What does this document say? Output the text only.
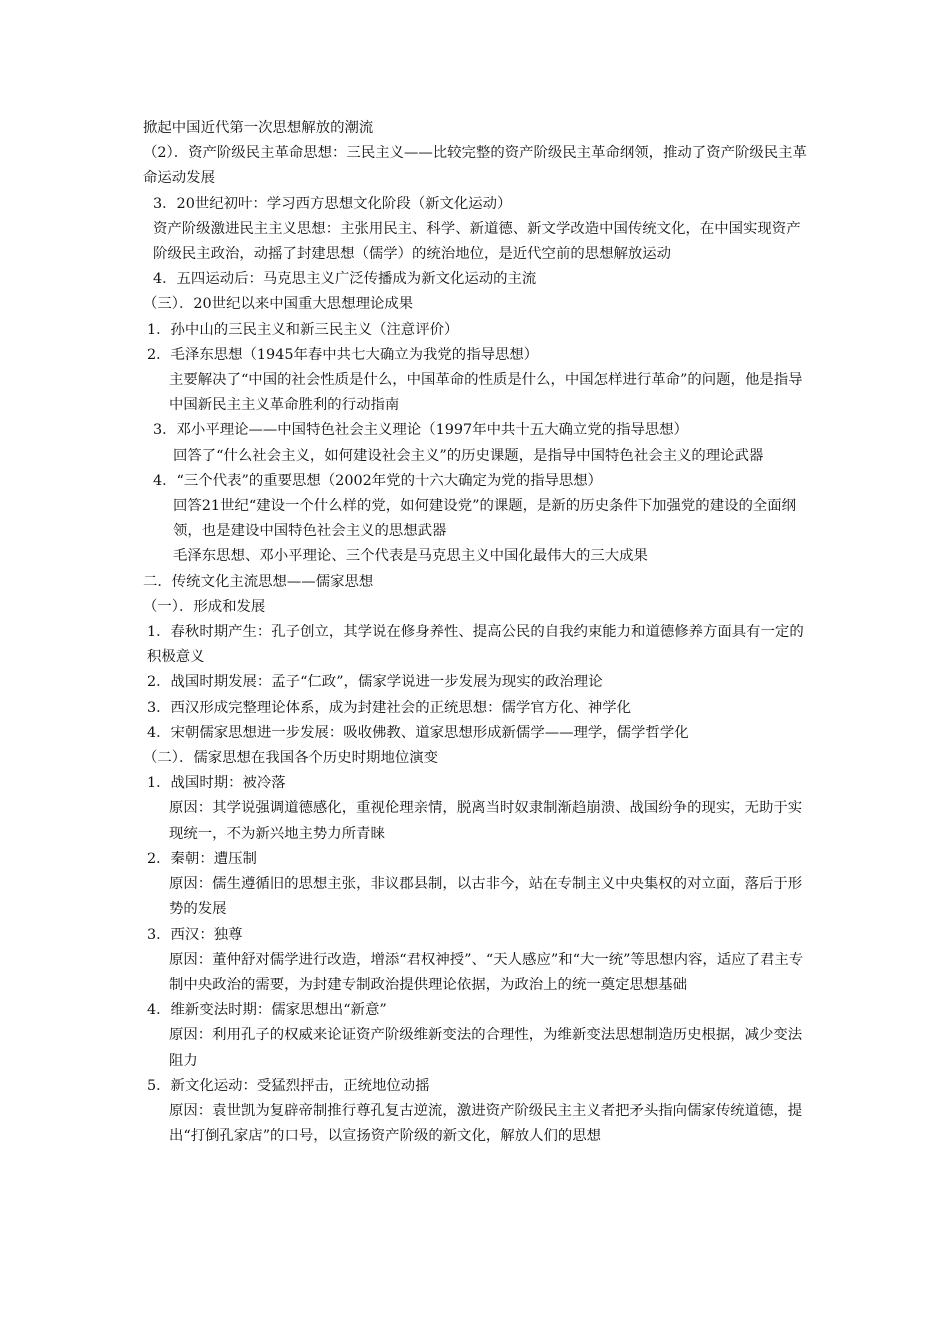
掀起中国近代第一次思想解放的潮流
（2）．资产阶级民主革命思想：三民主义——比较完整的资产阶级民主革命纲领，推动了资产阶级民主革命运动发展
3．20世纪初叶：学习西方思想文化阶段（新文化运动）
资产阶级激进民主主义思想：主张用民主、科学、新道德、新文学改造中国传统文化，在中国实现资产阶级民主政治，动摇了封建思想（儒学）的统治地位，是近代空前的思想解放运动
4．五四运动后：马克思主义广泛传播成为新文化运动的主流
（三）．20世纪以来中国重大思想理论成果
1．孙中山的三民主义和新三民主义（注意评价）
2．毛泽东思想（1945年春中共七大确立为我党的指导思想）
主要解决了“中国的社会性质是什么，中国革命的性质是什么，中国怎样进行革命”的问题，他是指导中国新民主主义革命胜利的行动指南
3．邓小平理论——中国特色社会主义理论（1997年中共十五大确立党的指导思想）
回答了“什么社会主义，如何建设社会主义”的历史课题，是指导中国特色社会主义的理论武器
4．“三个代表”的重要思想（2002年党的十六大确定为党的指导思想）
回答21世纪“建设一个什么样的党，如何建设党”的课题，是新的历史条件下加强党的建设的全面纲领，也是建设中国特色社会主义的思想武器
毛泽东思想、邓小平理论、三个代表是马克思主义中国化最伟大的三大成果
二．传统文化主流思想——儒家思想
（一）．形成和发展
1．春秋时期产生：孔子创立，其学说在修身养性、提高公民的自我约束能力和道德修养方面具有一定的积极意义
2．战国时期发展：孟子“仁政”，儒家学说进一步发展为现实的政治理论
3．西汉形成完整理论体系，成为封建社会的正统思想：儒学官方化、神学化
4．宋朝儒家思想进一步发展：吸收佛教、道家思想形成新儒学——理学，儒学哲学化
（二）．儒家思想在我国各个历史时期地位演变
1．战国时期：被冷落
原因：其学说强调道德感化，重视伦理亲情，脱离当时奴隶制渐趋崩溃、战国纷争的现实，无助于实现统一，不为新兴地主势力所青睐
2．秦朝：遭压制
原因：儒生遵循旧的思想主张，非议郡县制，以古非今，站在专制主义中央集权的对立面，落后于形势的发展
3．西汉：独尊
原因：董仲舒对儒学进行改造，增添“君权神授”、“天人感应”和“大一统”等思想内容，适应了君主专制中央政治的需要，为封建专制政治提供理论依据，为政治上的统一奠定思想基础
4．维新变法时期：儒家思想出“新意”
原因：利用孔子的权威来论证资产阶级维新变法的合理性，为维新变法思想制造历史根据，减少变法阻力
5．新文化运动：受猛烈抨击，正统地位动摇
原因：袁世凯为复辟帝制推行尊孔复古逆流，激进资产阶级民主主义者把矛头指向儒家传统道德，提出“打倒孔家店”的口号，以宣扬资产阶级的新文化，解放人们的思想
